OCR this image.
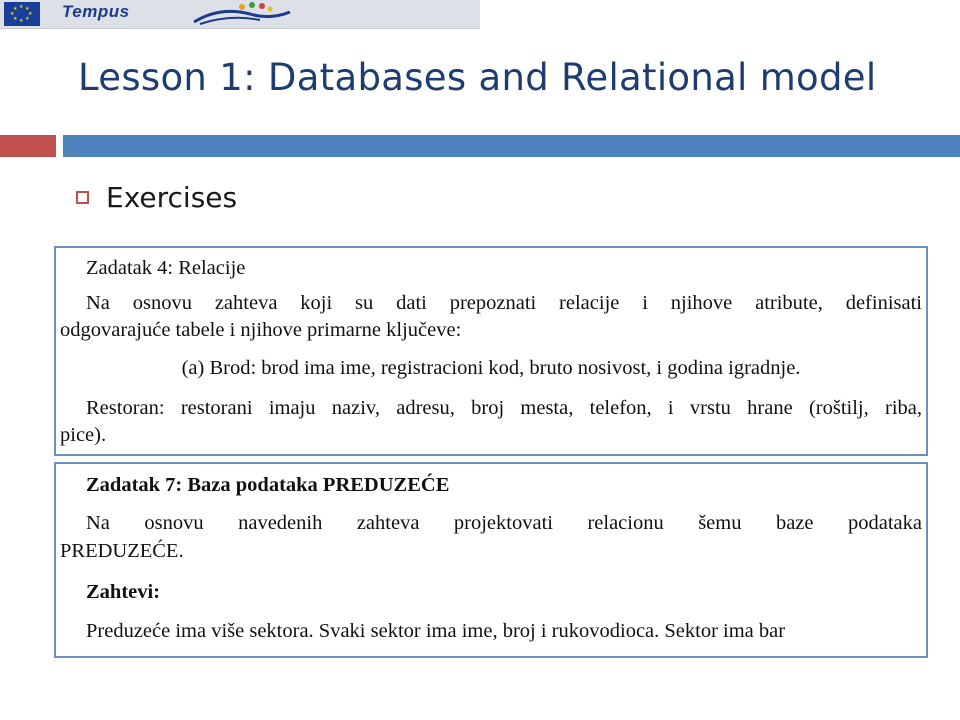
★ ★
★
★
★
★
★
★	Tempus
Lesson 1: Databases and Relational model
Exercises

Zadatak 4: Relacije

Na osnovu zahteva koji su dati prepoznati relacije i njihove atribute, definisati

odgovarajuće tabele i njihove primarne ključeve:

(a) Brod: brod ima ime, registracioni kod, bruto nosivost, i godina igradnje.

Restoran: restorani imaju naziv, adresu, broj mesta, telefon, i vrstu hrane (roštilj, riba,

pice).

Zadatak 7: Baza podataka PREDUZEĆE

Na osnovu navedenih zahteva projektovati relacionu šemu baze podataka

PREDUZEĆE.

Zahtevi:

Preduzeće ima više sektora. Svaki sektor ima ime, broj i rukovodioca. Sektor ima bar
